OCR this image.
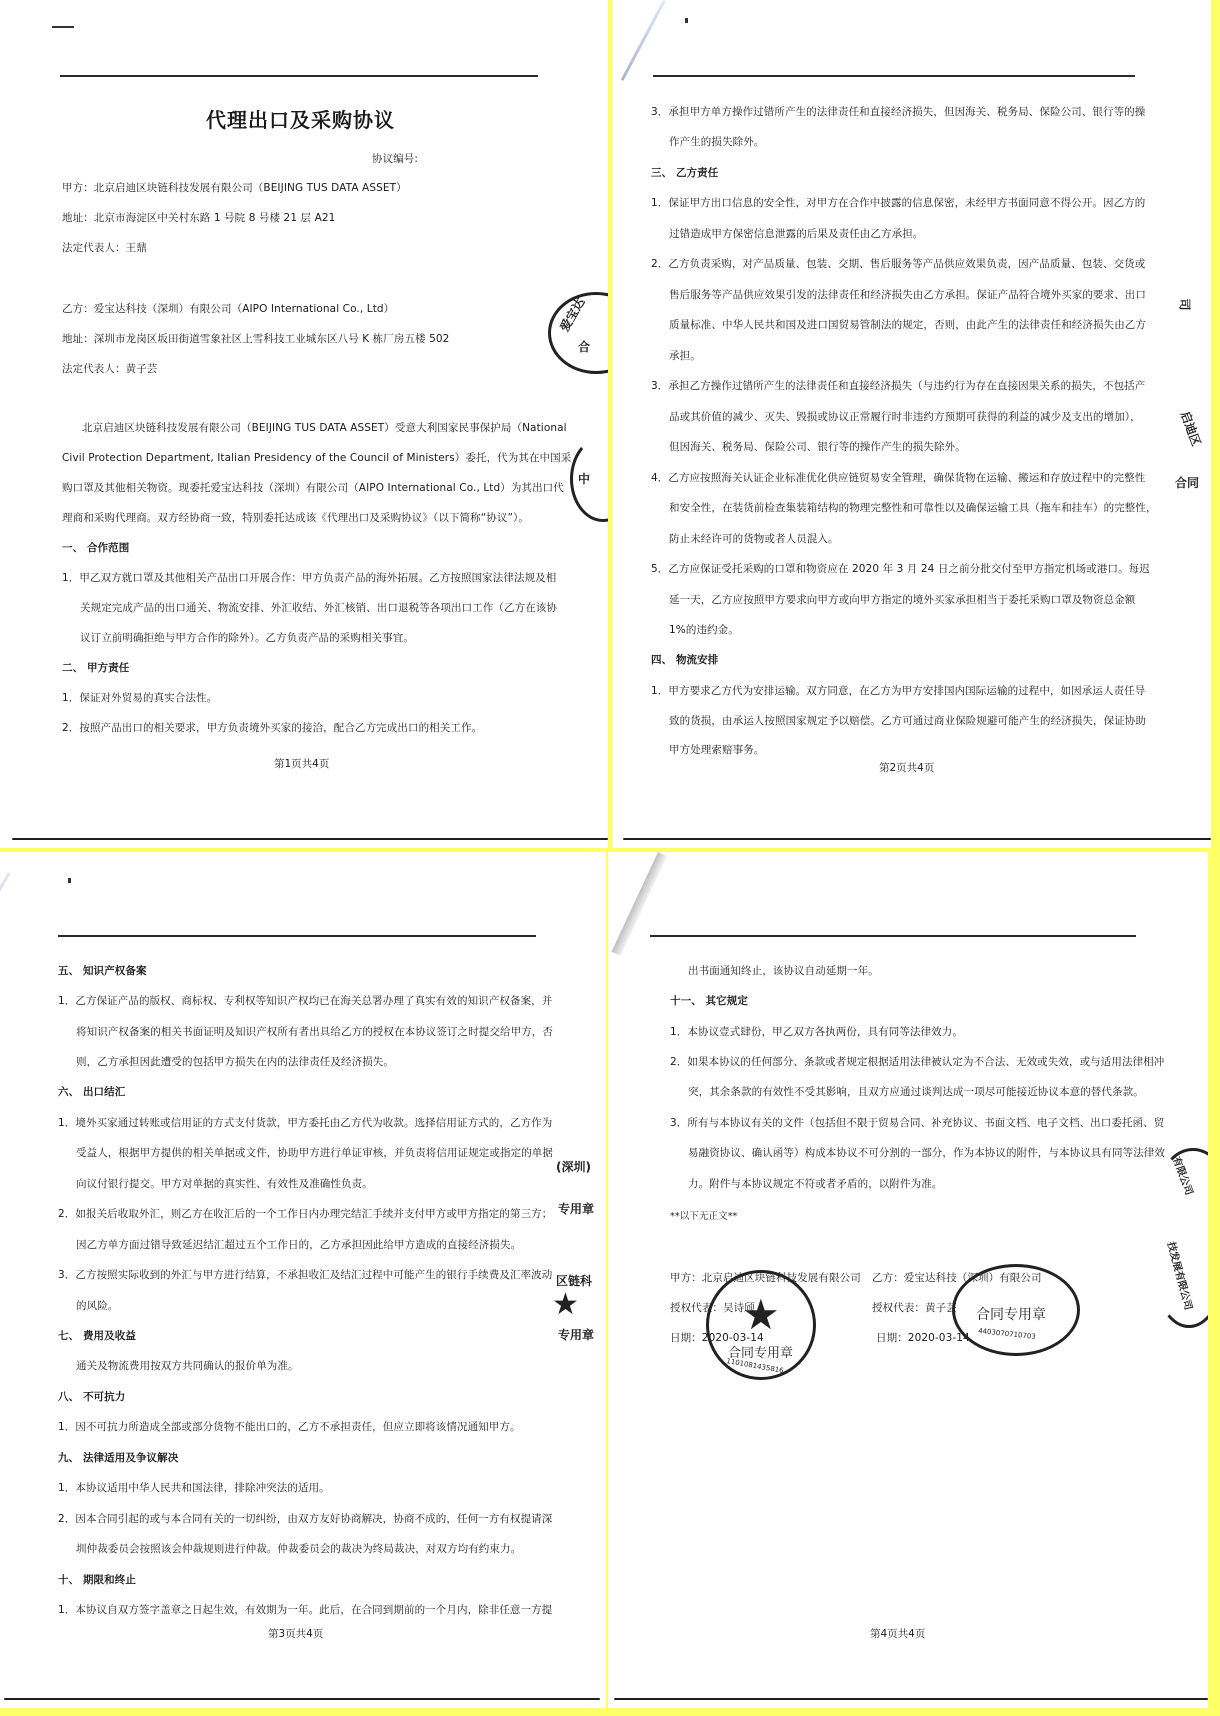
代理出口及采购协议
协议编号:
甲方：北京启迪区块链科技发展有限公司（BEIJING TUS DATA ASSET）
地址：北京市海淀区中关村东路 1 号院 8 号楼 21 层 A21
法定代表人：王鼎
乙方：爱宝达科技（深圳）有限公司（AIPO International Co., Ltd）
地址：深圳市龙岗区坂田街道雪象社区上雪科技工业城东区八号 K 栋厂房五楼 502
法定代表人：黄子芸
北京启迪区块链科技发展有限公司（BEIJING TUS DATA ASSET）受意大利国家民事保护局（National
Civil Protection Department, Italian Presidency of the Council of Ministers）委托，代为其在中国采
购口罩及其他相关物资。现委托爱宝达科技（深圳）有限公司（AIPO International Co., Ltd）为其出口代
理商和采购代理商。双方经协商一致，特别委托达成该《代理出口及采购协议》（以下简称“协议”）。
一、 合作范围
1．甲乙双方就口罩及其他相关产品出口开展合作：甲方负责产品的海外拓展。乙方按照国家法律法规及相
关规定完成产品的出口通关、物流安排、外汇收结、外汇核销、出口退税等各项出口工作（乙方在该协
议订立前明确拒绝与甲方合作的除外）。乙方负责产品的采购相关事宜。
二、 甲方责任
1．保证对外贸易的真实合法性。
2．按照产品出口的相关要求，甲方负责境外买家的接洽，配合乙方完成出口的相关工作。
第1页共4页
爱宝达
合
中
3．承担甲方单方操作过错所产生的法律责任和直接经济损失，但因海关、税务局、保险公司、银行等的操
作产生的损失除外。
三、 乙方责任
1．保证甲方出口信息的安全性，对甲方在合作中披露的信息保密，未经甲方书面同意不得公开。因乙方的
过错造成甲方保密信息泄露的后果及责任由乙方承担。
2．乙方负责采购，对产品质量、包装、交期、售后服务等产品供应效果负责，因产品质量、包装、交货或
售后服务等产品供应效果引发的法律责任和经济损失由乙方承担。保证产品符合境外买家的要求、出口
质量标准、中华人民共和国及进口国贸易管制法的规定，否则，由此产生的法律责任和经济损失由乙方
承担。
3．承担乙方操作过错所产生的法律责任和直接经济损失（与违约行为存在直接因果关系的损失，不包括产
品或其价值的减少、灭失、毁损或协议正常履行时非违约方预期可获得的利益的减少及支出的增加），
但因海关、税务局、保险公司、银行等的操作产生的损失除外。
4．乙方应按照海关认证企业标准优化供应链贸易安全管理，确保货物在运输、搬运和存放过程中的完整性
和安全性，在装货前检查集装箱结构的物理完整性和可靠性以及确保运输工具（拖车和挂车）的完整性，
防止未经许可的货物或者人员混入。
5．乙方应保证受托采购的口罩和物资应在 2020 年 3 月 24 日之前分批交付至甲方指定机场或港口。每迟
延一天，乙方应按照甲方要求向甲方或向甲方指定的境外买家承担相当于委托采购口罩及物资总金额
1%的违约金。
四、 物流安排
1．甲方要求乙方代为安排运输。双方同意，在乙方为甲方安排国内国际运输的过程中，如因承运人责任导
致的货损，由承运人按照国家规定予以赔偿。乙方可通过商业保险规避可能产生的经济损失，保证协助
甲方处理索赔事务。
第2页共4页
司
启迪区
合同
五、 知识产权备案
1．乙方保证产品的版权、商标权、专利权等知识产权均已在海关总署办理了真实有效的知识产权备案，并
将知识产权备案的相关书面证明及知识产权所有者出具给乙方的授权在本协议签订之时提交给甲方，否
则，乙方承担因此遭受的包括甲方损失在内的法律责任及经济损失。
六、 出口结汇
1．境外买家通过转账或信用证的方式支付货款，甲方委托由乙方代为收款。选择信用证方式的，乙方作为
受益人，根据甲方提供的相关单据或文件，协助甲方进行单证审核，并负责将信用证规定或指定的单据
向议付银行提交。甲方对单据的真实性、有效性及准确性负责。
2．如报关后收取外汇，则乙方在收汇后的一个工作日内办理完结汇手续并支付甲方或甲方指定的第三方；
因乙方单方面过错导致延迟结汇超过五个工作日的，乙方承担因此给甲方造成的直接经济损失。
3．乙方按照实际收到的外汇与甲方进行结算，不承担收汇及结汇过程中可能产生的银行手续费及汇率波动
的风险。
七、 费用及收益
通关及物流费用按双方共同确认的报价单为准。
八、 不可抗力
1．因不可抗力所造成全部或部分货物不能出口的，乙方不承担责任，但应立即将该情况通知甲方。
九、 法律适用及争议解决
1．本协议适用中华人民共和国法律，排除冲突法的适用。
2．因本合同引起的或与本合同有关的一切纠纷，由双方友好协商解决，协商不成的，任何一方有权提请深
圳仲裁委员会按照该会仲裁规则进行仲裁。仲裁委员会的裁决为终局裁决，对双方均有约束力。
十、 期限和终止
1．本协议自双方签字盖章之日起生效，有效期为一年。此后，在合同到期前的一个月内，除非任意一方提
第3页共4页
(深圳)
专用章
区链科
★
专用章
出书面通知终止，该协议自动延期一年。
十一、 其它规定
1．本协议壹式肆份，甲乙双方各执两份，具有同等法律效力。
2．如果本协议的任何部分、条款或者规定根据适用法律被认定为不合法、无效或失效，或与适用法律相冲
突，其余条款的有效性不受其影响，且双方应通过谈判达成一项尽可能接近协议本意的替代条款。
3．所有与本协议有关的文件（包括但不限于贸易合同、补充协议、书面文档、电子文档、出口委托函、贸
易融资协议、确认函等）构成本协议不可分割的一部分，作为本协议的附件，与本协议具有同等法律效
力。附件与本协议规定不符或者矛盾的，以附件为准。
**以下无正文**
甲方：北京启迪区块链科技发展有限公司
授权代表：吴诗颀
日期：2020-03-14
乙方：爱宝达科技（深圳）有限公司
授权代表：黄子芸
日期：2020-03-14
★
合同专用章
1101081435816
合同专用章
4403070710703
第4页共4页
有限公司
技发展有限公司
